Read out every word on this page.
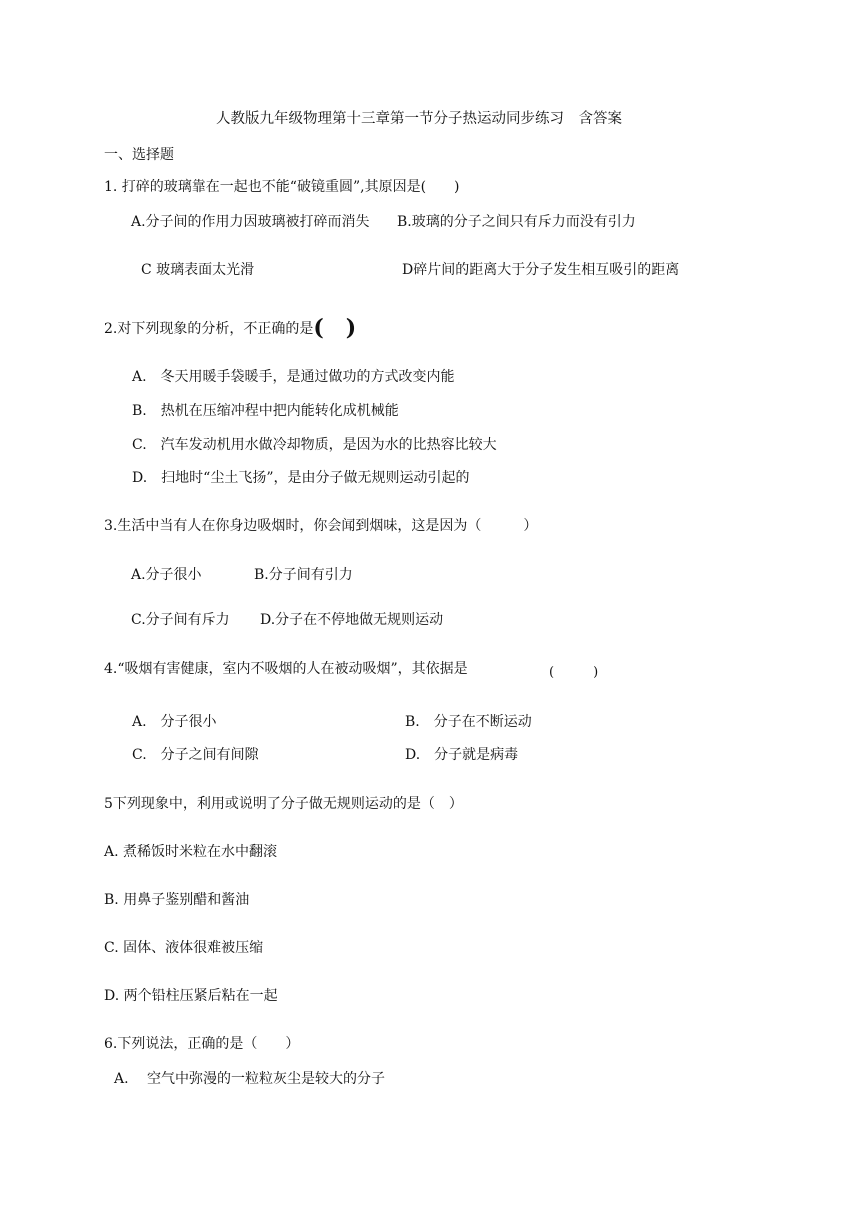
人教版九年级物理第十三章第一节分子热运动同步练习　含答案
一、选择题
1. 打碎的玻璃靠在一起也不能“破镜重圆”,其原因是(　　)
A.分子间的作用力因玻璃被打碎而消失 B.玻璃的分子之间只有斥力而没有引力
C 玻璃表面太光滑	D碎片间的距离大于分子发生相互吸引的距离
2.对下列现象的分析，不正确的是(　)
A.　冬天用暖手袋暖手，是通过做功的方式改变内能
B.　热机在压缩冲程中把内能转化成机械能
C.　汽车发动机用水做冷却物质，是因为水的比热容比较大
D.　扫地时“尘土飞扬”，是由分子做无规则运动引起的
3.生活中当有人在你身边吸烟时，你会闻到烟味，这是因为（　　　）
A.分子很小	B.分子间有引力
C.分子间有斥力 D.分子在不停地做无规则运动
4.“吸烟有害健康，室内不吸烟的人在被动吸烟”，其依据是	(　　　)
A.　分子很小	B.　分子在不断运动
C.　分子之间有间隙	D.　分子就是病毒
5下列现象中，利用或说明了分子做无规则运动的是（　）
A. 煮稀饭时米粒在水中翻滚
B. 用鼻子鉴别醋和酱油
C. 固体、液体很难被压缩
D. 两个铅柱压紧后粘在一起
6.下列说法，正确的是（　　）
A.　 空气中弥漫的一粒粒灰尘是较大的分子
